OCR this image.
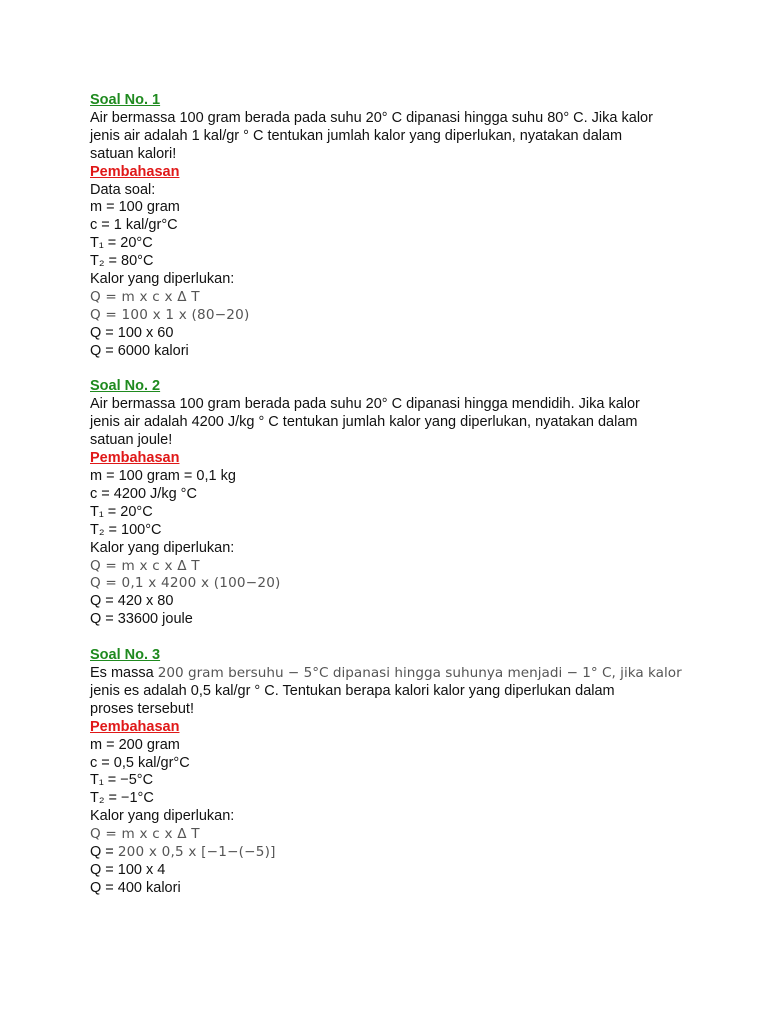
Soal No. 1

Air bermassa 100 gram berada pada suhu 20° C dipanasi hingga suhu 80° C. Jika kalor

jenis air adalah 1 kal/gr ° C tentukan jumlah kalor yang diperlukan, nyatakan dalam

satuan kalori!

Pembahasan

Data soal:

m = 100 gram

c = 1 kal/gr°C

T₁ = 20°C

T₂ = 80°C

Kalor yang diperlukan:

Q = m x c x Δ T

Q = 100 x 1 x (80−20)

Q = 100 x 60

Q = 6000 kalori

Soal No. 2

Air bermassa 100 gram berada pada suhu 20° C dipanasi hingga mendidih. Jika kalor

jenis air adalah 4200 J/kg ° C tentukan jumlah kalor yang diperlukan, nyatakan dalam

satuan joule!

Pembahasan

m = 100 gram = 0,1 kg

c = 4200 J/kg °C

T₁ = 20°C

T₂ = 100°C

Kalor yang diperlukan:

Q = m x c x Δ T

Q = 0,1 x 4200 x (100−20)

Q = 420 x 80

Q = 33600 joule

Soal No. 3

Es massa 200 gram bersuhu − 5°C dipanasi hingga suhunya menjadi − 1° C, jika kalor

jenis es adalah 0,5 kal/gr ° C. Tentukan berapa kalori kalor yang diperlukan dalam

proses tersebut!

Pembahasan

m = 200 gram

c = 0,5 kal/gr°C

T₁ = −5°C

T₂ = −1°C

Kalor yang diperlukan:

Q = m x c x Δ T

Q = 200 x 0,5 x [−1−(−5)]

Q = 100 x 4

Q = 400 kalori
